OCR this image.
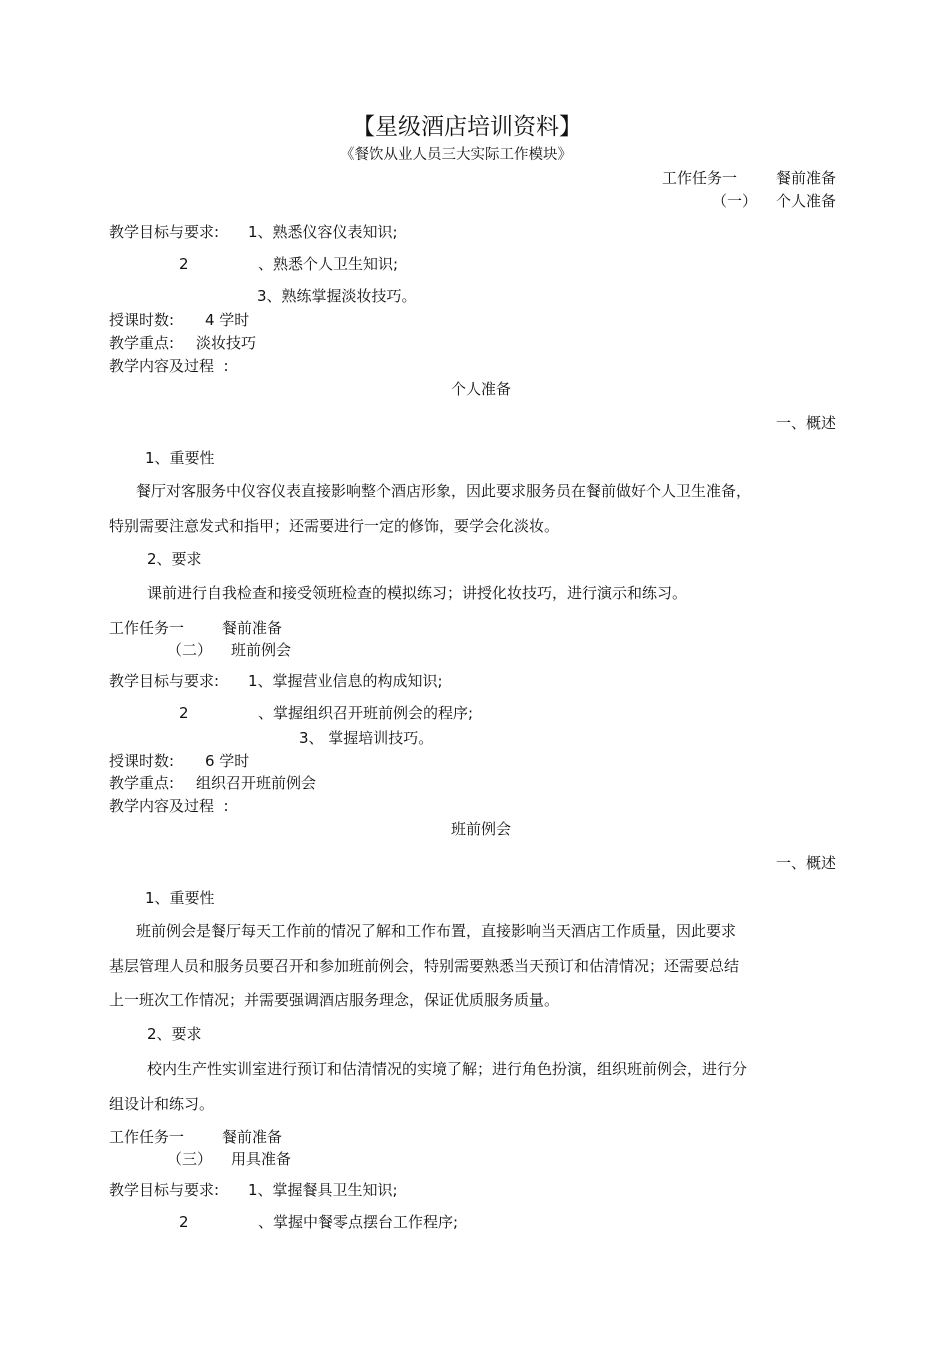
【星级酒店培训资料】
《餐饮从业人员三大实际工作模块》
工作任务一	餐前准备
（一） 个人准备
教学目标与要求: 1、熟悉仪容仪表知识;
2	、熟悉个人卫生知识;
3、熟练掌握淡妆技巧。
授课时数: 4 学时
教学重点: 淡妆技巧
教学内容及过程  :
个人准备
一、概述
1、重要性
餐厅对客服务中仪容仪表直接影响整个酒店形象，因此要求服务员在餐前做好个人卫生准备，
特别需要注意发式和指甲；还需要进行一定的修饰，要学会化淡妆。
2、要求
课前进行自我检查和接受领班检查的模拟练习；讲授化妆技巧，进行演示和练习。
工作任务一	餐前准备
（二） 班前例会
教学目标与要求: 1、掌握营业信息的构成知识;
2	、掌握组织召开班前例会的程序;
3、 掌握培训技巧。
授课时数: 6 学时
教学重点: 组织召开班前例会
教学内容及过程  :
班前例会
一、概述
1、重要性
班前例会是餐厅每天工作前的情况了解和工作布置，直接影响当天酒店工作质量，因此要求
基层管理人员和服务员要召开和参加班前例会，特别需要熟悉当天预订和估清情况；还需要总结
上一班次工作情况；并需要强调酒店服务理念，保证优质服务质量。
2、要求
校内生产性实训室进行预订和估清情况的实境了解；进行角色扮演，组织班前例会，进行分
组设计和练习。
工作任务一	餐前准备
（三） 用具准备
教学目标与要求: 1、掌握餐具卫生知识;
2	、掌握中餐零点摆台工作程序;
